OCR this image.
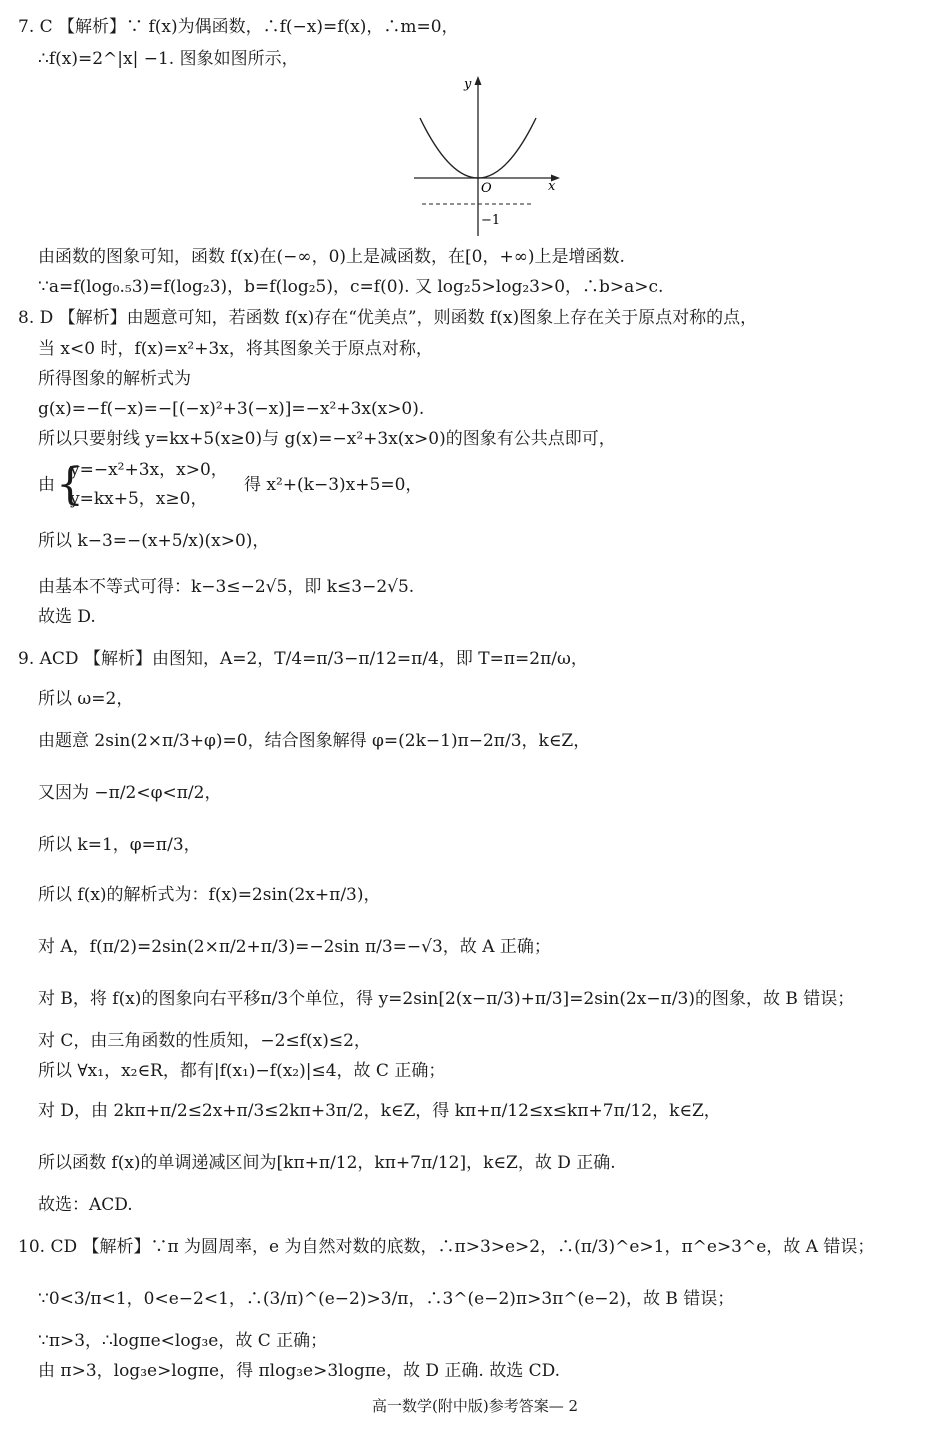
7. C 【解析】∵ f(x)为偶函数，∴f(−x)=f(x)，∴m=0，
∴f(x)=2^|x| −1. 图象如图所示，
y
x
O
−1
由函数的图象可知，函数 f(x)在(−∞，0)上是减函数，在[0，+∞)上是增函数.
∵a=f(log₀.₅3)=f(log₂3)，b=f(log₂5)，c=f(0). 又 log₂5>log₂3>0，∴b>a>c.
8. D 【解析】由题意可知，若函数 f(x)存在“优美点”，则函数 f(x)图象上存在关于原点对称的点，
当 x<0 时，f(x)=x²+3x，将其图象关于原点对称，
所得图象的解析式为
g(x)=−f(−x)=−[(−x)²+3(−x)]=−x²+3x(x>0).
所以只要射线 y=kx+5(x≥0)与 g(x)=−x²+3x(x>0)的图象有公共点即可，
由 {
y=−x²+3x，x>0，
y=kx+5，x≥0，
得 x²+(k−3)x+5=0，
所以 k−3=−(x+5/x)(x>0)，
由基本不等式可得：k−3≤−2√5，即 k≤3−2√5.
故选 D.
9. ACD 【解析】由图知，A=2，T/4=π/3−π/12=π/4，即 T=π=2π/ω，
所以 ω=2，
由题意 2sin(2×π/3+φ)=0，结合图象解得 φ=(2k−1)π−2π/3，k∈Z，
又因为 −π/2<φ<π/2，
所以 k=1，φ=π/3，
所以 f(x)的解析式为：f(x)=2sin(2x+π/3)，
对 A，f(π/2)=2sin(2×π/2+π/3)=−2sin π/3=−√3，故 A 正确；
对 B，将 f(x)的图象向右平移π/3个单位，得 y=2sin[2(x−π/3)+π/3]=2sin(2x−π/3)的图象，故 B 错误；
对 C，由三角函数的性质知，−2≤f(x)≤2，
所以 ∀x₁，x₂∈R，都有|f(x₁)−f(x₂)|≤4，故 C 正确；
对 D，由 2kπ+π/2≤2x+π/3≤2kπ+3π/2，k∈Z，得 kπ+π/12≤x≤kπ+7π/12，k∈Z，
所以函数 f(x)的单调递减区间为[kπ+π/12，kπ+7π/12]，k∈Z，故 D 正确.
故选：ACD.
10. CD 【解析】∵π 为圆周率，e 为自然对数的底数，∴π>3>e>2，∴(π/3)^e>1，π^e>3^e，故 A 错误；
∵0<3/π<1，0<e−2<1，∴(3/π)^(e−2)>3/π，∴3^(e−2)π>3π^(e−2)，故 B 错误；
∵π>3，∴logπe<log₃e，故 C 正确；
由 π>3，log₃e>logπe，得 πlog₃e>3logπe，故 D 正确. 故选 CD.
高一数学(附中版)参考答案— 2
